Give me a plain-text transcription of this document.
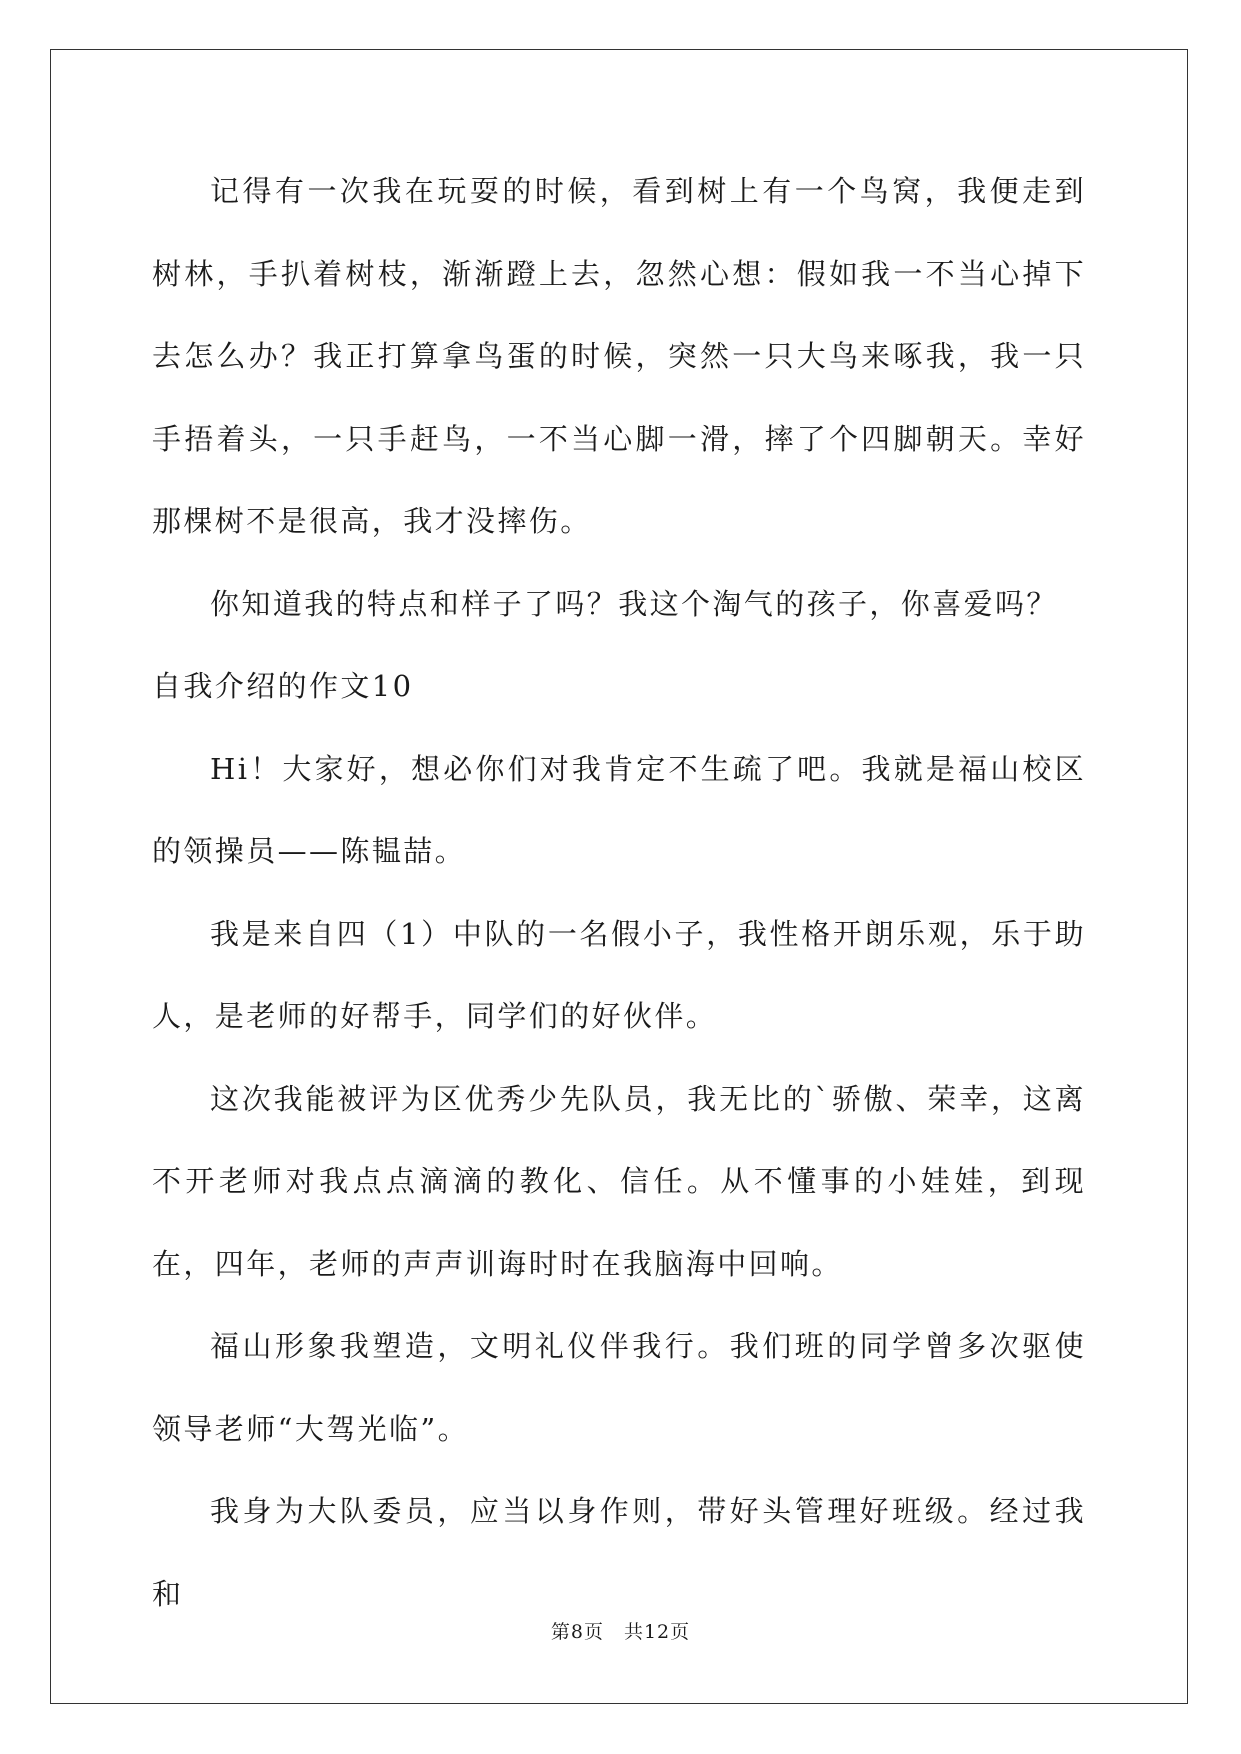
记得有一次我在玩耍的时候，看到树上有一个鸟窝，我便走到树林，手扒着树枝，渐渐蹬上去，忽然心想：假如我一不当心掉下去怎么办？我正打算拿鸟蛋的时候，突然一只大鸟来啄我，我一只手捂着头，一只手赶鸟，一不当心脚一滑，摔了个四脚朝天。幸好那棵树不是很高，我才没摔伤。

你知道我的特点和样子了吗？我这个淘气的孩子，你喜爱吗？

自我介绍的作文10

Hi！大家好，想必你们对我肯定不生疏了吧。我就是福山校区的领操员——陈韫喆。

我是来自四（1）中队的一名假小子，我性格开朗乐观，乐于助人，是老师的好帮手，同学们的好伙伴。

这次我能被评为区优秀少先队员，我无比的`骄傲、荣幸，这离不开老师对我点点滴滴的教化、信任。从不懂事的小娃娃，到现在，四年，老师的声声训诲时时在我脑海中回响。

福山形象我塑造，文明礼仪伴我行。我们班的同学曾多次驱使领导老师“大驾光临”。

我身为大队委员，应当以身作则，带好头管理好班级。经过我和

第8页　共12页
